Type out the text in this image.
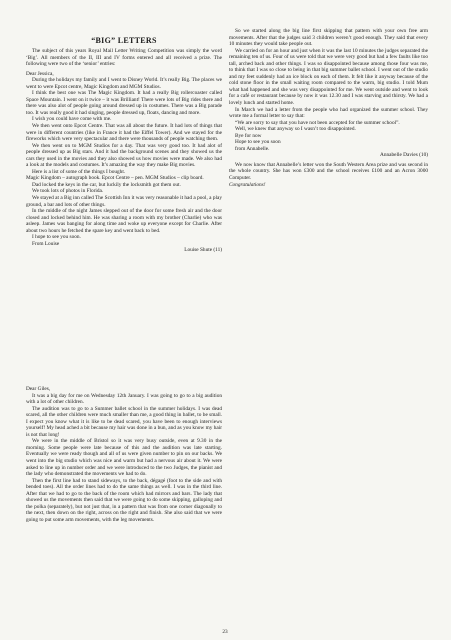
“BIG” LETTERS

The subject of this years Royal Mail Letter Writing Competition was simply the word ‘Big’. All members of the II, III and IV forms entered and all received a prize. The following were two of the ‘senior’ entries:

Dear Jessica,

During the holidays my family and I went to Disney World. It’s really Big. The places we went to were Epcot centre, Magic Kingdom and MGM Studios.

I think the best one was The Magic Kingdom. It had a really Big rollercoaster called Space Mountain. I went on it twice – it was Brilliant! There were lots of Big rides there and there was also alot of people going around dressed up in costumes. There was a Big parade too. It was really good it had singing, people dressed up, floats, dancing and more.

I wish you could have come with me.

We then went onto Epcot Centre. That was all about the future. It had lots of things that were in different countries (like in France it had the Eiffel Tower). And we stayed for the fireworks which were very spectacular and there were thousands of people watching them.

We then went on to MGM Studios for a day. That was very good too. It had alot of people dressed up as Big stars. And it had the background scenes and they showed us the cars they used in the movies and they also showed us how movies were made. We also had a look at the models and costumes. It’s amazing the way they make Big movies.

Here is a list of some of the things I bought.

Magic Kingdom – autograph book. Epcot Centre – pen. MGM Studios – clip board.

Dad locked the keys in the car, but luckily the locksmith got them out.

We took lots of photos in Florida.

We stayed at a Big inn called The Scottish Inn it was very reasonable it had a pool, a play ground, a bar and lots of other things.

In the middle of the night James slepped out of the door for some fresh air and the door closed and locked behind him. He was sharing a room with my brother (Charlie) who was asleep. James was banging for along time and woke up everyone except for Charlie. After about two hours he fetched the spare key and went back to bed.

I hope to see you soon.

From Louise

Louise Shute (11)

So we started along the big line first skipping that pattern with your own free arm movements. After that the judges said 3 children weren’t good enough. They said that every 10 minutes they would take people out.

We carried on for an hour and just when it was the last 10 minutes the judges separated the remaining ten of us. Four of us were told that we were very good but had a few faults like too tall, arched back and other things. I was so disappointed because among those four was me, to think that I was so close to being in that big summer ballet school. I went out of the studio and my feet suddenly had an ice block on each of them. It felt like it anyway because of the cold stone floor in the small waiting room compared to the warm, big studio. I told Mum what had happened and she was very disappointed for me. We went outside and went to look for a café or restaurant because by now it was 12.30 and I was starving and thirsty. We had a lovely lunch and started home.

In March we had a letter from the people who had organized the summer school. They wrote me a formal letter to say that:

“We are sorry to say that you have not been accepted for the summer school”.

Well, we knew that anyway so I wasn’t too disappointed.

Bye for now

Hope to see you soon

from Annabelle.

Annabelle Davies (10)

We now know that Annabelle’s letter won the South Western Area prize and was second in the whole country. She has won £300 and the school receives £100 and an Acron 3000 Computer.

Congratulations!

Dear Giles,

It was a big day for me on Wednesday 12th January. I was going to go to a big audition with a lot of other children.

The audition was to go to a Summer ballet school in the summer holidays. I was dead scared, all the other children were much smaller than me, a good thing in ballet, to be small. I expect you know what it is like to be dead scared, you have been to enough interviews yourself! My head ached a bit because my hair was done in a bun, and as you know my hair is not that long!

We were in the middle of Bristol so it was very busy outside, even at 9.30 in the morning. Some people were late because of this and the audition was late starting. Eventually we were ready though and all of us were given number to pin on our backs. We went into the big studio which was nice and warm but had a nervous air about it. We were asked to line up in number order and we were introduced to the two Judges, the pianist and the lady who demonstrated the movements we had to do.

Then the first line had to stand sideways, to the back, dégagé (foot to the side and with bended toes). All the order lines had to do the same things as well. I was in the third line. After that we had to go to the back of the room which had mirrors and bars. The lady that showed us the movements then said that we were going to do some skipping, galloping and the polka (separately), but not just that, in a pattern that was from one corner diagonally to the next, then down on the right, across on the right and finish. She also said that we were going to put some arm movements, with the leg movements.

23
